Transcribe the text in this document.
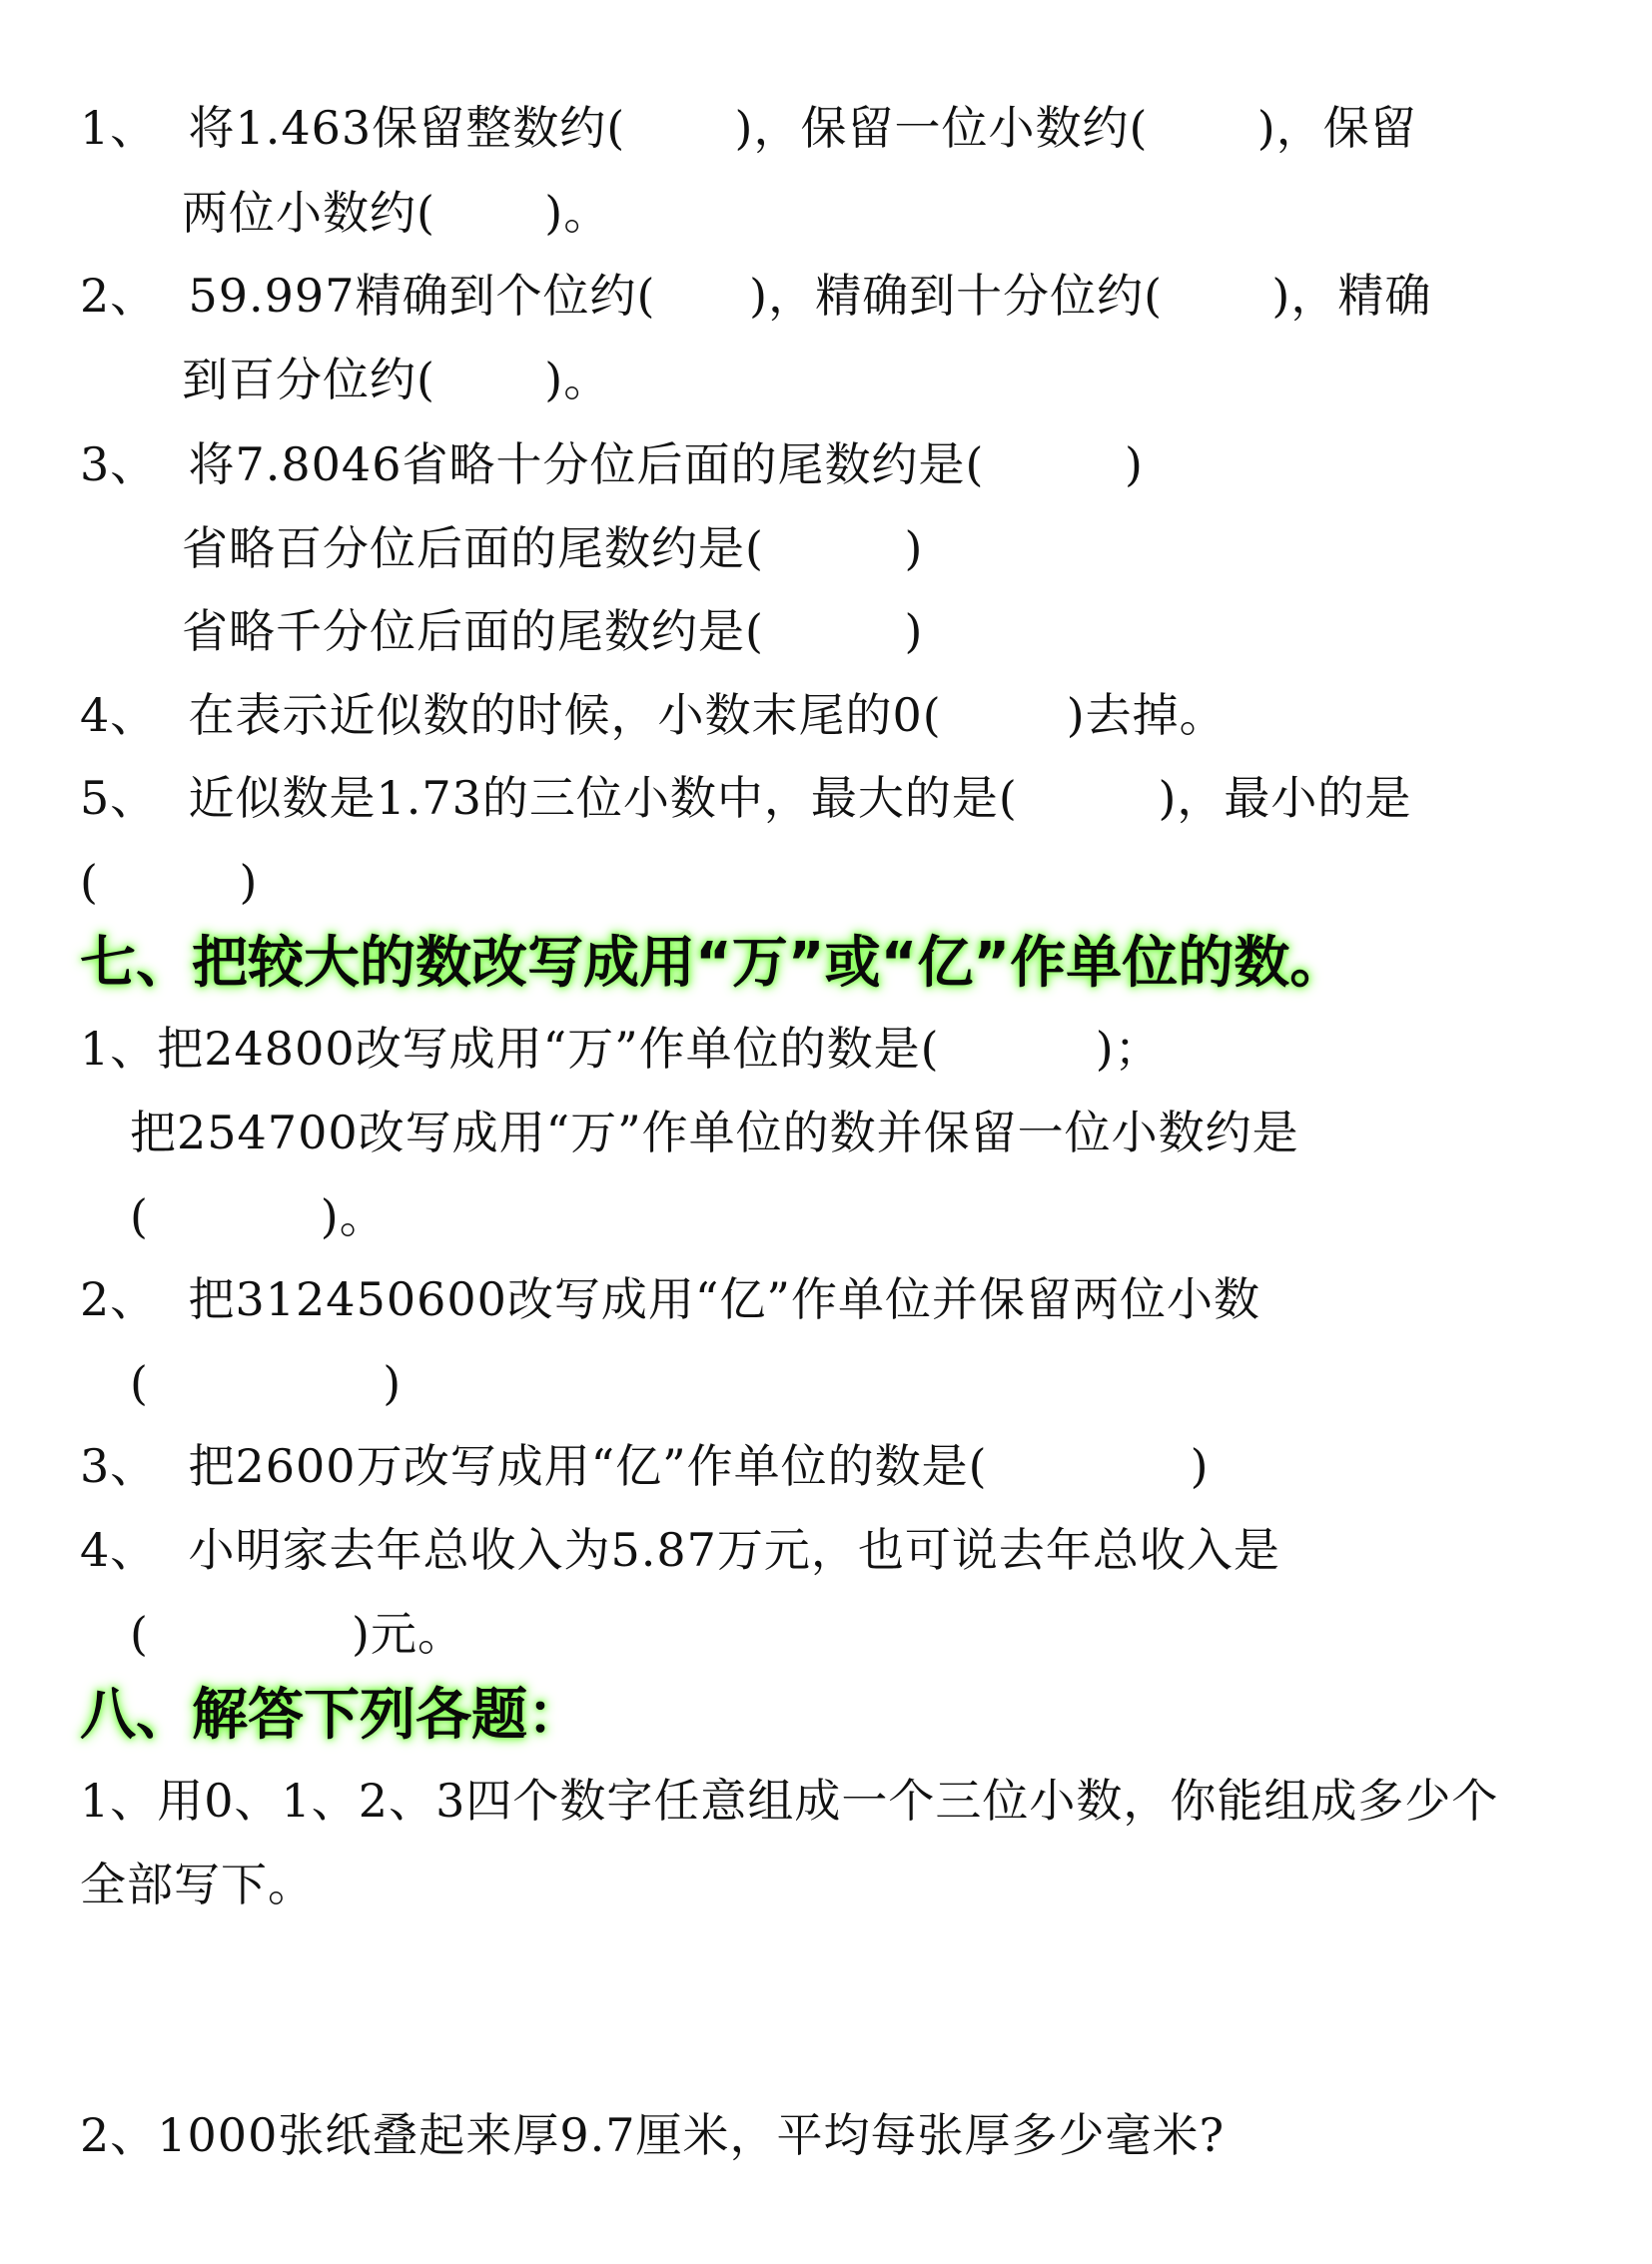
1、  将1.463保留整数约(       )，保留一位小数约(       )，保留
两位小数约(       )。
2、  59.997精确到个位约(      )，精确到十分位约(       )，精确
到百分位约(       )。
3、  将7.8046省略十分位后面的尾数约是(         )
省略百分位后面的尾数约是(         )
省略千分位后面的尾数约是(         )
4、  在表示近似数的时候，小数末尾的0(        )去掉。
5、  近似数是1.73的三位小数中，最大的是(         )，最小的是
(         )
七、把较大的数改写成用“万”或“亿”作单位的数。
1、把24800改写成用“万”作单位的数是(          )；
把254700改写成用“万”作单位的数并保留一位小数约是
(           )。
2、  把312450600改写成用“亿”作单位并保留两位小数
(               )
3、  把2600万改写成用“亿”作单位的数是(             )
4、  小明家去年总收入为5.87万元，也可说去年总收入是
(             )元。
八、解答下列各题：
1、用0、1、2、3四个数字任意组成一个三位小数，你能组成多少个
全部写下。
2、1000张纸叠起来厚9.7厘米，平均每张厚多少毫米?
